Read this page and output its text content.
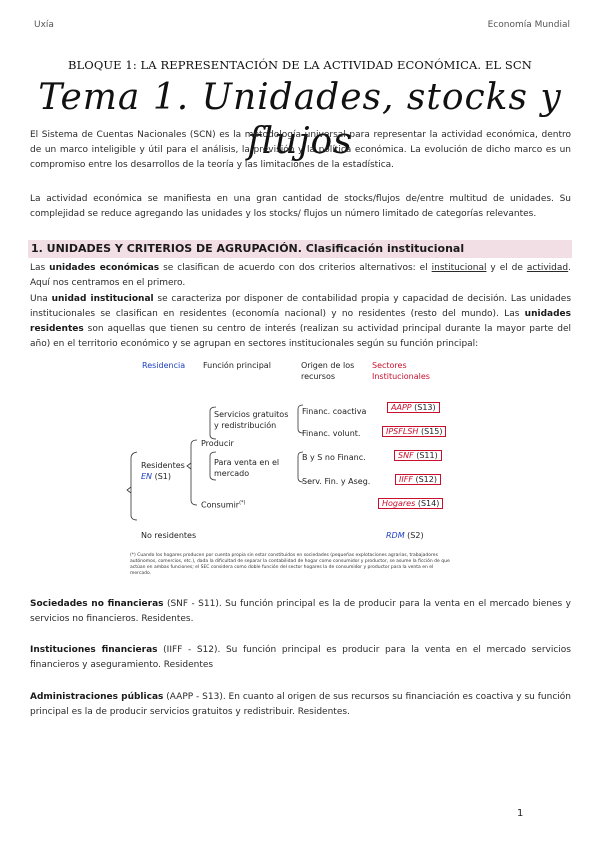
Uxía	Economía Mundial
BLOQUE 1: LA REPRESENTACIÓN DE LA ACTIVIDAD ECONÓMICA. EL SCN
Tema 1. Unidades, stocks y flujos

El Sistema de Cuentas Nacionales (SCN) es la metodología universal para representar la actividad económica, dentro de un marco inteligible y útil para el análisis, la previsión y la política económica. La evolución de dicho marco es un compromiso entre los desarrollos de la teoría y las limitaciones de la estadística.

La actividad económica se manifiesta en una gran cantidad de stocks/flujos de/entre multitud de unidades. Su complejidad se reduce agregando las unidades y los stocks/ flujos un número limitado de categorías relevantes.

1. UNIDADES Y CRITERIOS DE AGRUPACIÓN. Clasificación institucional

Las unidades económicas se clasifican de acuerdo con dos criterios alternativos: el institucional y el de actividad. Aquí nos centramos en el primero.

Una unidad institucional se caracteriza por disponer de contabilidad propia y capacidad de decisión. Las unidades institucionales se clasifican en residentes (economía nacional) y no residentes (resto del mundo). Las unidades residentes son aquellas que tienen su centro de interés (realizan su actividad principal durante la mayor parte del año) en el territorio económico y se agrupan en sectores institucionales según su función principal:

Residencia Función principal	Origen de los
recursos
Sectores
Institucionales
Servicios gratuitos
y redistribución
Producir
Para venta en el
mercado
Consumir(*)
Residentes
EN (S1)
No residentes
Financ. coactiva
Financ. volunt.
B y S no Financ.
Serv. Fin. y Aseg.
AAPP (S13)
IPSFLSH (S15)
SNF (S11)
IIFF (S12)
Hogares (S14)
RDM (S2)
(*) Cuando los hogares producen por cuenta propia sin estar constituidos en sociedades (pequeñas explotaciones agrarias, trabajadores autónomos, comercios, etc.), dada la dificultad de separar la contabilidad de hogar como consumidor y productor, se asume la ficción de que actúan en ambas funciones; el SEC considera como doble función del sector hogares la de consumidor y productor para la venta en el mercado.

Sociedades no financieras (SNF - S11). Su función principal es la de producir para la venta en el mercado bienes y servicios no financieros. Residentes.

Instituciones financieras (IIFF - S12). Su función principal es producir para la venta en el mercado servicios financieros y aseguramiento. Residentes

Administraciones públicas (AAPP - S13). En cuanto al origen de sus recursos su financiación es coactiva y su función principal es la de producir servicios gratuitos y redistribuir. Residentes.

1
